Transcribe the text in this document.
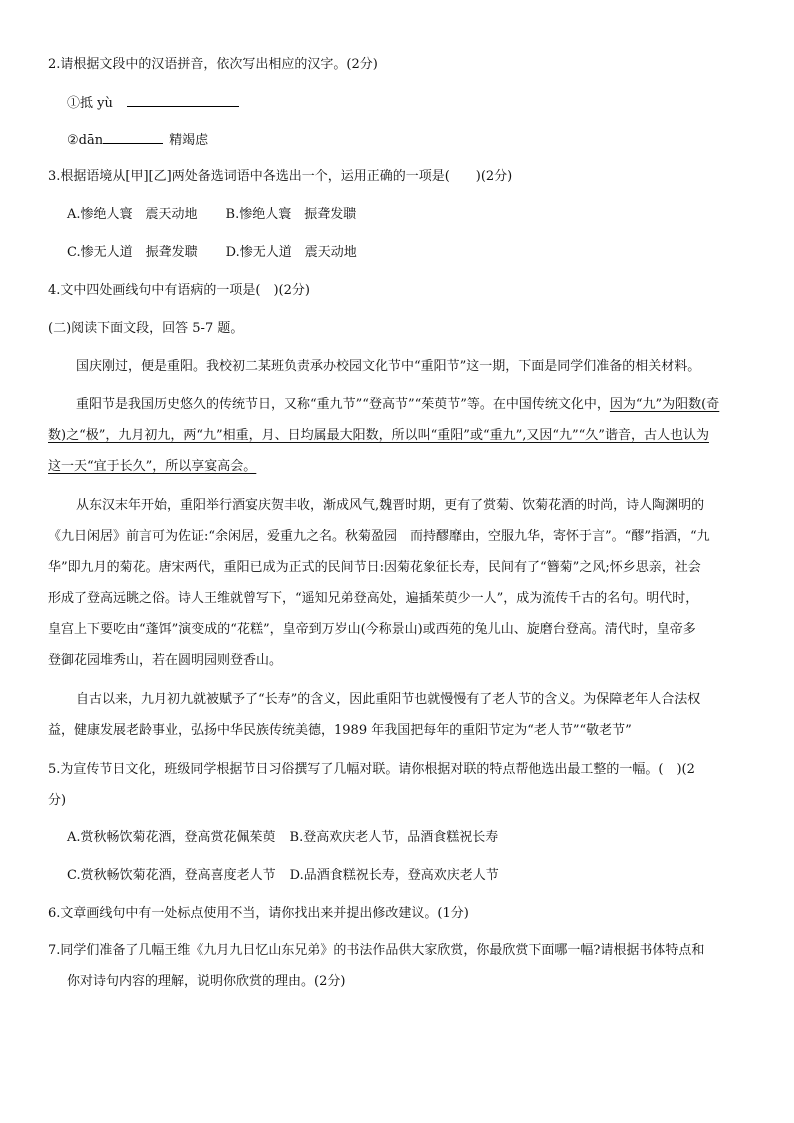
2.请根据文段中的汉语拼音，依次写出相应的汉字。(2分)
①抵 yù
②dān	精竭虑
3.根据语境从[甲][乙]两处备选词语中各选出一个，运用正确的一项是(　　)(2分)
A.惨绝人寰　震天动地 B.惨绝人寰　振聋发聩
C.惨无人道　振聋发聩 D.惨无人道　震天动地
4.文中四处画线句中有语病的一项是(　)(2分)
(二)阅读下面文段，回答 5-7 题。
国庆刚过，便是重阳。我校初二某班负责承办校园文化节中“重阳节”这一期，下面是同学们准备的相关材料。
重阳节是我国历史悠久的传统节日，又称“重九节”“登高节”“茱萸节”等。在中国传统文化中，因为“九”为阳数(奇
数)之“极”，九月初九，两“九”相重，月、日均属最大阳数，所以叫“重阳”或“重九”,又因“九”“久”谐音，古人也认为
这一天“宜于长久”，所以享宴高会。
从东汉末年开始，重阳举行酒宴庆贺丰收，渐成风气,魏晋时期，更有了赏菊、饮菊花酒的时尚，诗人陶渊明的
《九日闲居》前言可为佐证:“余闲居，爱重九之名。秋菊盈园　而持醪靡由，空服九华，寄怀于言”。“醪”指酒，“九
华”即九月的菊花。唐宋两代，重阳已成为正式的民间节日:因菊花象征长寿，民间有了“簪菊”之风;怀乡思亲，社会
形成了登高远眺之俗。诗人王维就曾写下，“遥知兄弟登高处，遍插茱萸少一人”，成为流传千古的名句。明代时，
皇宫上下要吃由“蓬饵”演变成的“花糕”，皇帝到万岁山(今称景山)或西苑的兔儿山、旋磨台登高。清代时，皇帝多
登御花园堆秀山，若在圆明园则登香山。
自古以来，九月初九就被赋予了“长寿”的含义，因此重阳节也就慢慢有了老人节的含义。为保障老年人合法权
益，健康发展老龄事业，弘扬中华民族传统美德，1989 年我国把每年的重阳节定为“老人节”“敬老节”
5.为宣传节日文化，班级同学根据节日习俗撰写了几幅对联。请你根据对联的特点帮他选出最工整的一幅。(　)(2
分)
A.赏秋畅饮菊花酒，登高赏花佩茱萸 B.登高欢庆老人节，品酒食糕祝长寿
C.赏秋畅饮菊花酒，登高喜度老人节 D.品酒食糕祝长寿，登高欢庆老人节
6.文章画线句中有一处标点使用不当，请你找出来并提出修改建议。(1分)
7.同学们准备了几幅王维《九月九日忆山东兄弟》的书法作品供大家欣赏，你最欣赏下面哪一幅?请根据书体特点和
你对诗句内容的理解，说明你欣赏的理由。(2分)
